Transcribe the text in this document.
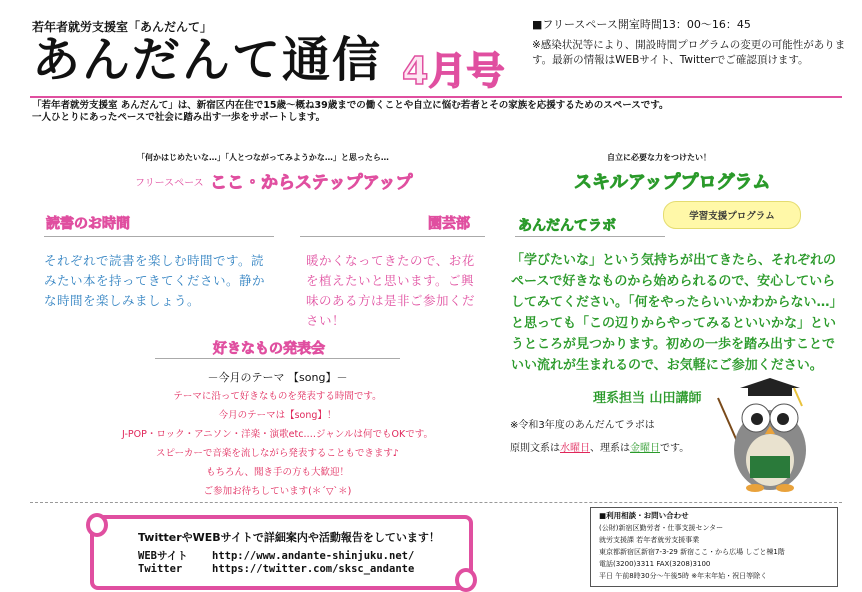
若年者就労支援室「あんだんて」
あんだんて通信 4月号
■フリースペース開室時間13：00～16：45
※感染状況等により、開設時間プログラムの変更の可能性があります。最新の情報はWEBサイト、Twitterでご確認頂けます。
「若年者就労支援室 あんだんて」は、新宿区内在住で15歳～概ね39歳までの働くことや自立に悩む若者とその家族を応援するためのスペースです。
一人ひとりにあったペースで社会に踏み出す一歩をサポートします。
「何かはじめたいな…」「人とつながってみようかな…」と思ったら…
フリースペース ここ・からステップアップ
読書のお時間
それぞれで読書を楽しむ時間です。読みたい本を持ってきてください。静かな時間を楽しみましょう。
園芸部
暖かくなってきたので、お花を植えたいと思います。ご興味のある方は是非ご参加ください！
好きなもの発表会
－今月のテーマ 【song】－
テーマに沿って好きなものを発表する時間です。
今月のテーマは【song】！
J-POP・ロック・アニソン・洋楽・演歌etc.…ジャンルは何でもOKです。
スピーカーで音楽を流しながら発表することもできます♪
もちろん、聞き手の方も大歓迎！
ご参加お待ちしています(＊´▽`＊)
自立に必要な力をつけたい！
スキルアッププログラム
学習支援プログラム
あんだんてラボ
「学びたいな」という気持ちが出てきたら、それぞれのペースで好きなものから始められるので、安心していらしてみてください。「何をやったらいいかわからない…」と思っても「この辺りからやってみるといいかな」というところが見つかります。初めの一歩を踏み出すことでいい流れが生まれるので、お気軽にご参加ください。
理系担当 山田講師
※令和3年度のあんだんてラボは
原則文系は水曜日、理系は金曜日です。
TwitterやWEBサイトで詳細案内や活動報告をしています！
WEBサイト http://www.andante-shinjuku.net/
Twitter	https://twitter.com/sksc_andante
■利用相談・お問い合わせ
(公財)新宿区勤労者・仕事支援センター
就労支援課 若年者就労支援事業
東京都新宿区新宿7-3-29 新宿ここ・から広場 しごと棟1階
電話(3200)3311 FAX(3208)3100
平日 午前8時30分～午後5時 ※年末年始・祝日等除く
